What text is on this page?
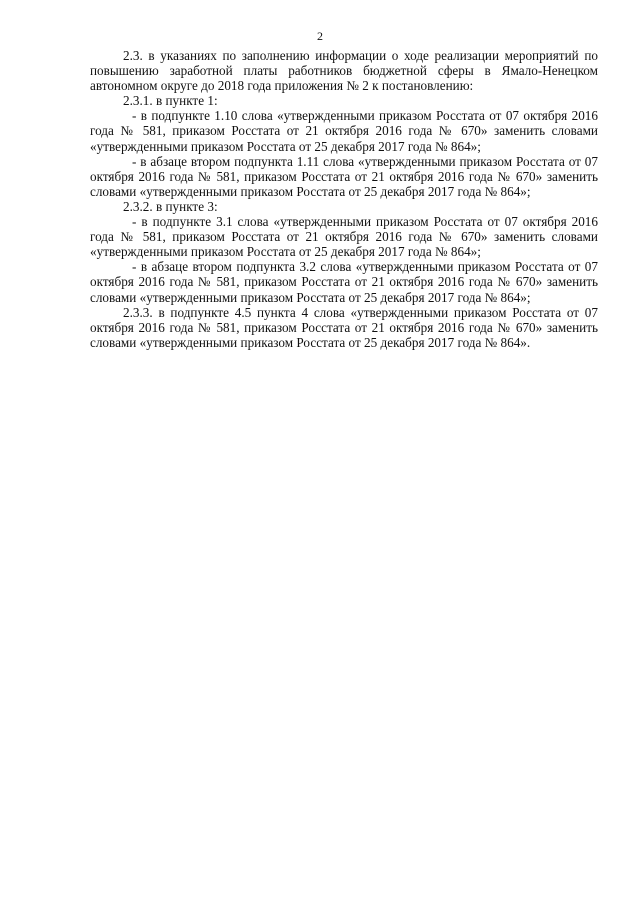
2

2.3. в указаниях по заполнению информации о ходе реализации мероприятий по повышению заработной платы работников бюджетной сферы в Ямало-Ненецком автономном округе до 2018 года приложения № 2 к постановлению:

2.3.1. в пункте 1:

- в подпункте 1.10 слова «утвержденными приказом Росстата от 07 октября 2016 года № 581, приказом Росстата от 21 октября 2016 года № 670» заменить словами «утвержденными приказом Росстата от 25 декабря 2017 года № 864»;

- в абзаце втором подпункта 1.11 слова «утвержденными приказом Росстата от 07 октября 2016 года № 581, приказом Росстата от 21 октября 2016 года № 670» заменить словами «утвержденными приказом Росстата от 25 декабря 2017 года № 864»;

2.3.2. в пункте 3:

- в подпункте 3.1 слова «утвержденными приказом Росстата от 07 октября 2016 года № 581, приказом Росстата от 21 октября 2016 года № 670» заменить словами «утвержденными приказом Росстата от 25 декабря 2017 года № 864»;

- в абзаце втором подпункта 3.2 слова «утвержденными приказом Росстата от 07 октября 2016 года № 581, приказом Росстата от 21 октября 2016 года № 670» заменить словами «утвержденными приказом Росстата от 25 декабря 2017 года № 864»;

2.3.3. в подпункте 4.5 пункта 4 слова «утвержденными приказом Росстата от 07 октября 2016 года № 581, приказом Росстата от 21 октября 2016 года № 670» заменить словами «утвержденными приказом Росстата от 25 декабря 2017 года № 864».
